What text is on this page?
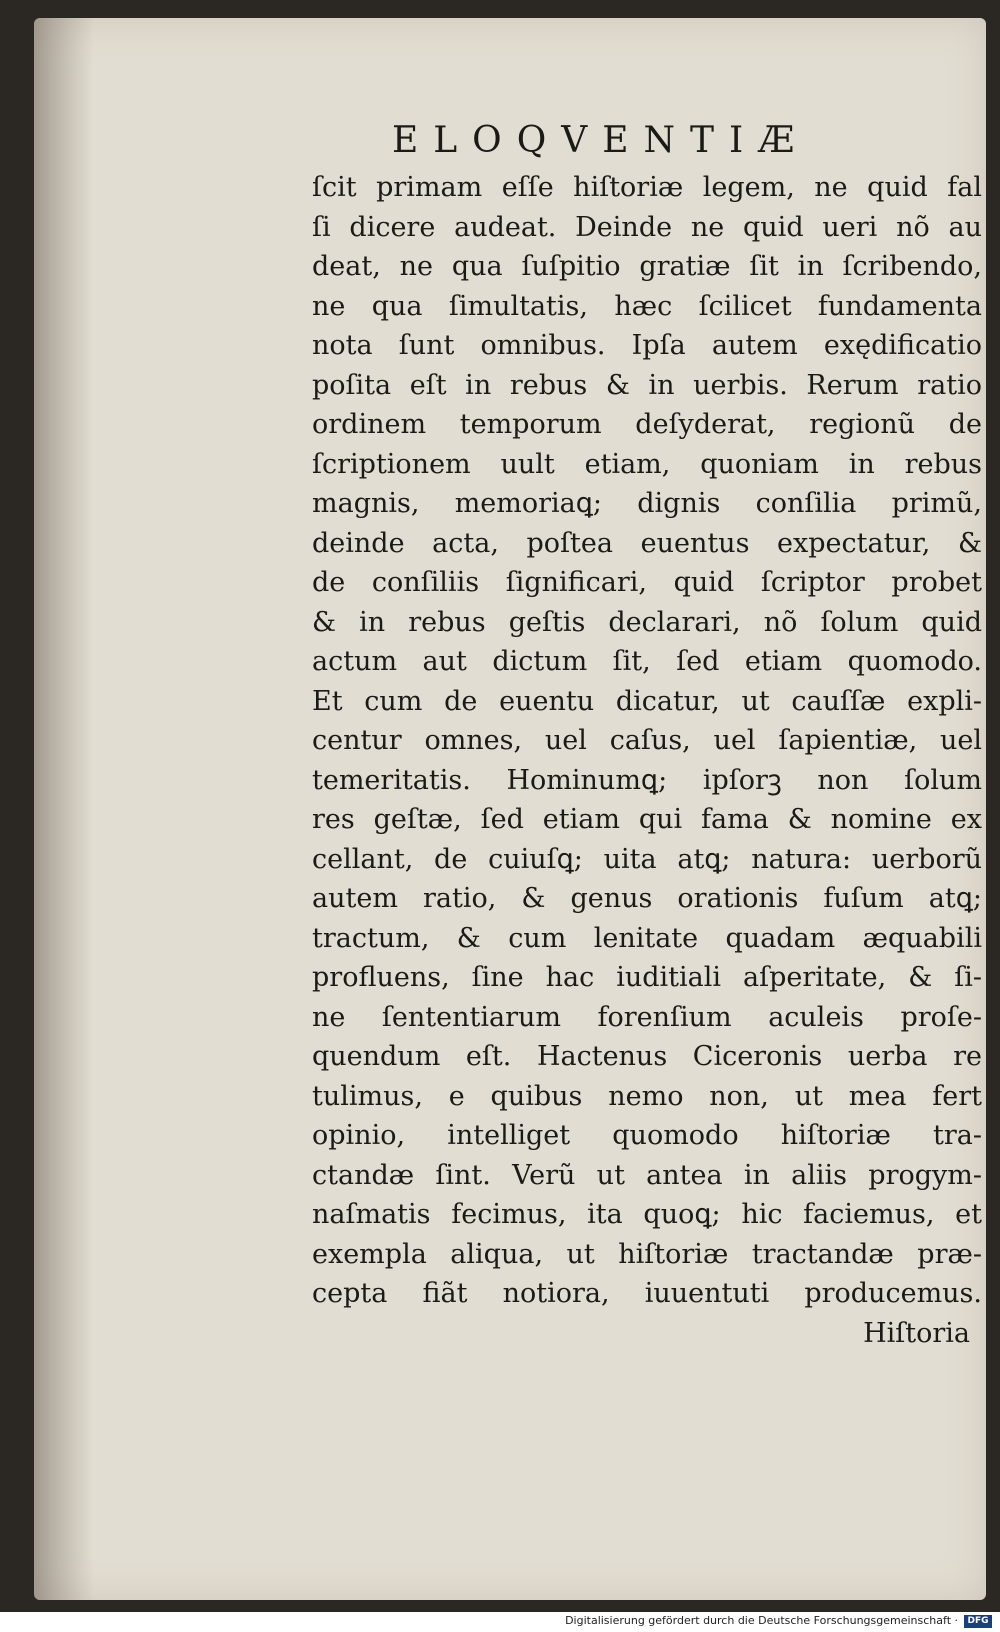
ELOQVENTIÆ
ſcit primam eſſe hiſtoriæ legem, ne quid fal
ſi dicere audeat. Deinde ne quid ueri nõ au
deat, ne qua ſuſpitio gratiæ ſit in ſcribendo,
ne qua ſimultatis, hæc ſcilicet fundamenta
nota ſunt omnibus. Ipſa autem exędificatio
poſita eſt in rebus & in uerbis. Rerum ratio
ordinem temporum deſyderat, regionũ de
ſcriptionem uult etiam, quoniam in rebus
magnis, memoriaꝗ; dignis conſilia primũ,
deinde acta, poſtea euentus expectatur, &
de conſiliis ſignificari, quid ſcriptor probet
& in rebus geſtis declarari, nõ ſolum quid
actum aut dictum ſit, ſed etiam quomodo.
Et cum de euentu dicatur, ut cauſſæ expli-
centur omnes, uel caſus, uel ſapientiæ, uel
temeritatis. Hominumꝗ; ipſorꝫ non ſolum
res geſtæ, ſed etiam qui fama & nomine ex
cellant, de cuiuſꝗ; uita atꝗ; natura: uerborũ
autem ratio, & genus orationis fuſum atꝗ;
tractum, & cum lenitate quadam æquabili
profluens, ſine hac iuditiali aſperitate, & ſi-
ne ſententiarum forenſium aculeis proſe-
quendum eſt. Hactenus Ciceronis uerba re
tulimus, e quibus nemo non, ut mea fert
opinio, intelliget quomodo hiſtoriæ tra-
ctandæ ſint. Verũ ut antea in aliis progym-
naſmatis fecimus, ita quoꝗ; hic faciemus, et
exempla aliqua, ut hiſtoriæ tractandæ præ-
cepta fiãt notiora, iuuentuti producemus.
Hiſtoria
Digitalisierung gefördert durch die Deutsche Forschungsgemeinschaft ·	DFG
